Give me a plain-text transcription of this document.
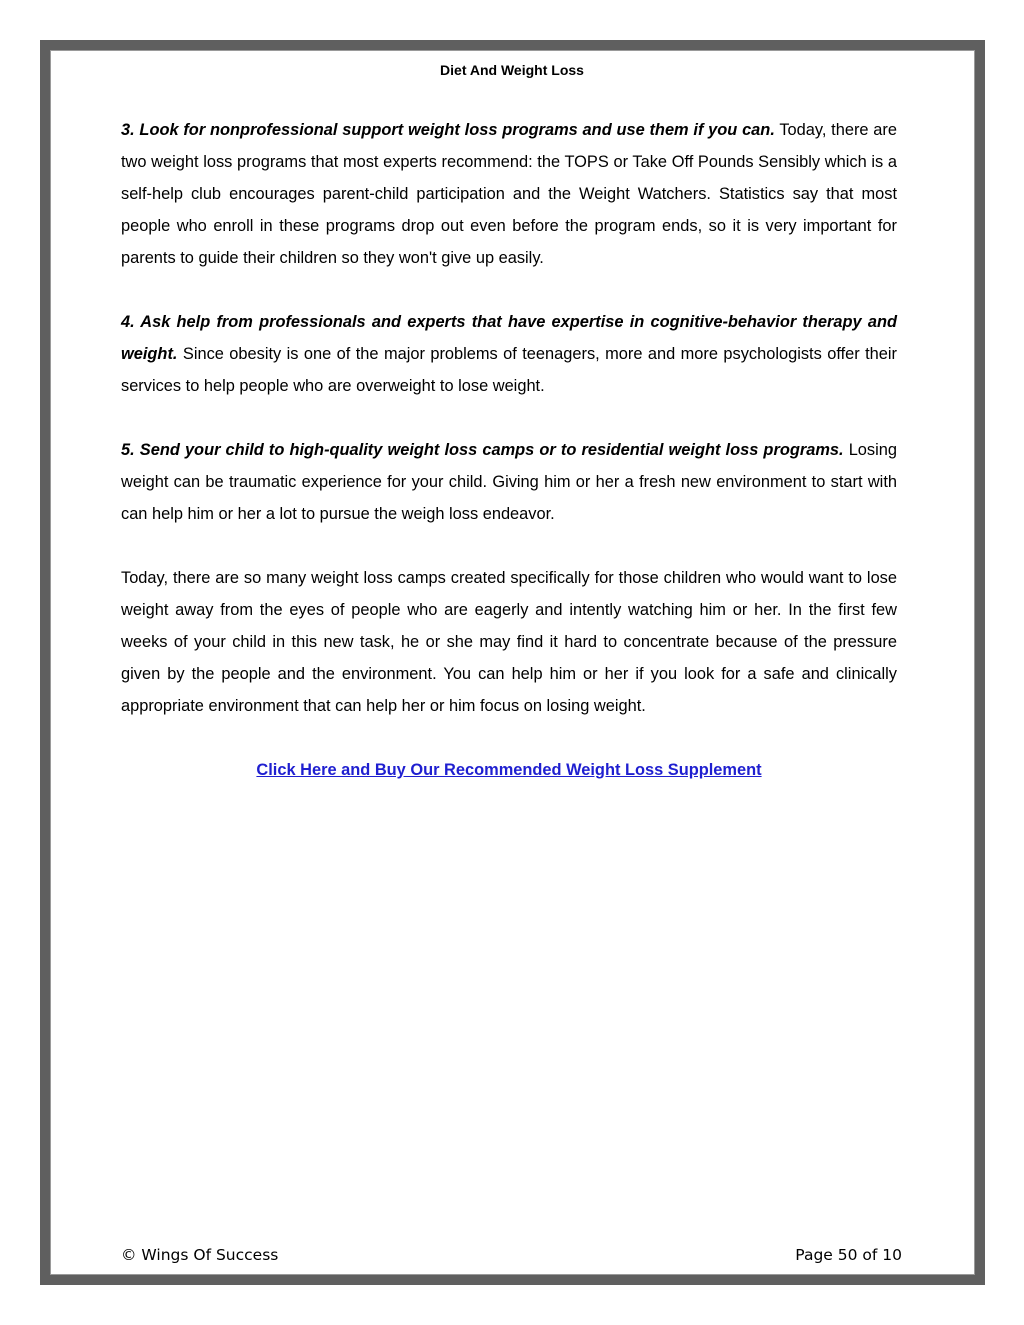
Diet And Weight Loss

3. Look for nonprofessional support weight loss programs and use them if you can. Today, there are two weight loss programs that most experts recommend: the TOPS or Take Off Pounds Sensibly which is a self-help club encourages parent-child participation and the Weight Watchers. Statistics say that most people who enroll in these programs drop out even before the program ends, so it is very important for parents to guide their children so they won't give up easily.

4. Ask help from professionals and experts that have expertise in cognitive-behavior therapy and weight. Since obesity is one of the major problems of teenagers, more and more psychologists offer their services to help people who are overweight to lose weight.

5. Send your child to high-quality weight loss camps or to residential weight loss programs. Losing weight can be traumatic experience for your child. Giving him or her a fresh new environment to start with can help him or her a lot to pursue the weigh loss endeavor.

Today, there are so many weight loss camps created specifically for those children who would want to lose weight away from the eyes of people who are eagerly and intently watching him or her. In the first few weeks of your child in this new task, he or she may find it hard to concentrate because of the pressure given by the people and the environment. You can help him or her if you look for a safe and clinically appropriate environment that can help her or him focus on losing weight.

Click Here and Buy Our Recommended Weight Loss Supplement
© Wings Of Success	Page 50 of 10
